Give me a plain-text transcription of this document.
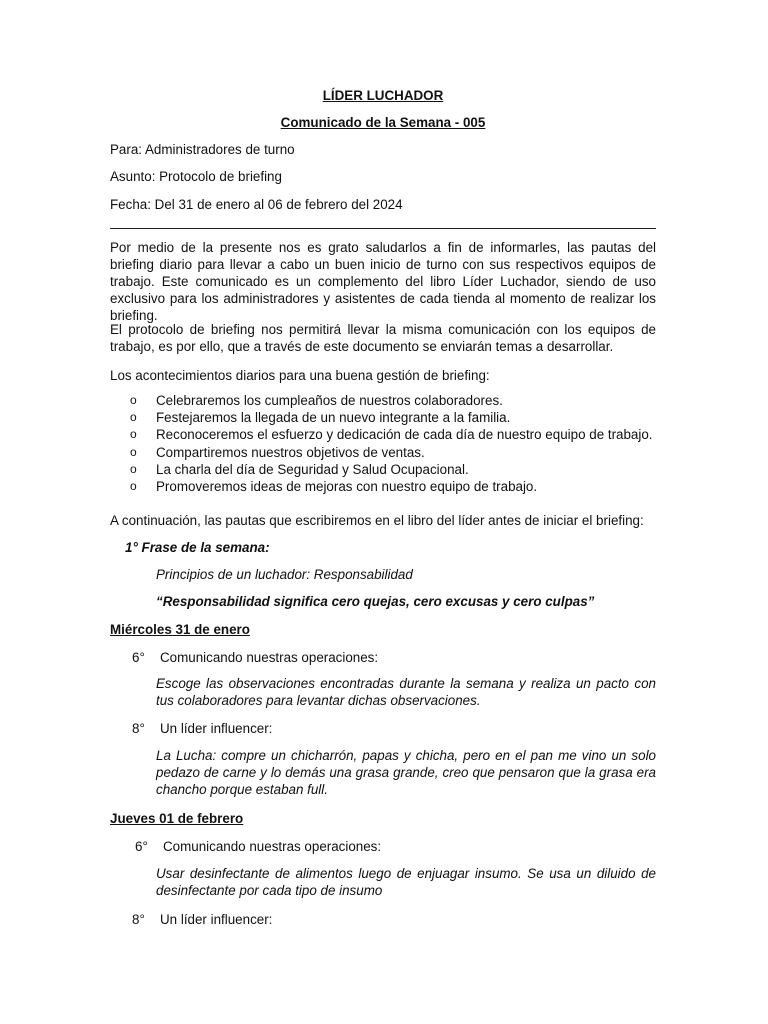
LÍDER LUCHADOR

Comunicado de la Semana - 005

Para: Administradores de turno

Asunto: Protocolo de briefing

Fecha: Del 31 de enero al 06 de febrero del 2024

Por medio de la presente nos es grato saludarlos a fin de informarles, las pautas del briefing diario para llevar a cabo un buen inicio de turno con sus respectivos equipos de trabajo. Este comunicado es un complemento del libro Líder Luchador, siendo de uso exclusivo para los administradores y asistentes de cada tienda al momento de realizar los briefing.

El protocolo de briefing nos permitirá llevar la misma comunicación con los equipos de trabajo, es por ello, que a través de este documento se enviarán temas a desarrollar.

Los acontecimientos diarios para una buena gestión de briefing:

o Celebraremos los cumpleaños de nuestros colaboradores.
o Festejaremos la llegada de un nuevo integrante a la familia.
o Reconoceremos el esfuerzo y dedicación de cada día de nuestro equipo de trabajo.
o Compartiremos nuestros objetivos de ventas.
o La charla del día de Seguridad y Salud Ocupacional.
o Promoveremos ideas de mejoras con nuestro equipo de trabajo.

A continuación, las pautas que escribiremos en el libro del líder antes de iniciar el briefing:

1° Frase de la semana:

Principios de un luchador: Responsabilidad

“Responsabilidad significa cero quejas, cero excusas y cero culpas”

Miércoles 31 de enero

6° Comunicando nuestras operaciones:

Escoge las observaciones encontradas durante la semana y realiza un pacto con tus colaboradores para levantar dichas observaciones.

8° Un líder influencer:

La Lucha: compre un chicharrón, papas y chicha, pero en el pan me vino un solo pedazo de carne y lo demás una grasa grande, creo que pensaron que la grasa era chancho porque estaban full.

Jueves 01 de febrero

6° Comunicando nuestras operaciones:

Usar desinfectante de alimentos luego de enjuagar insumo. Se usa un diluido de desinfectante por cada tipo de insumo

8° Un líder influencer:
